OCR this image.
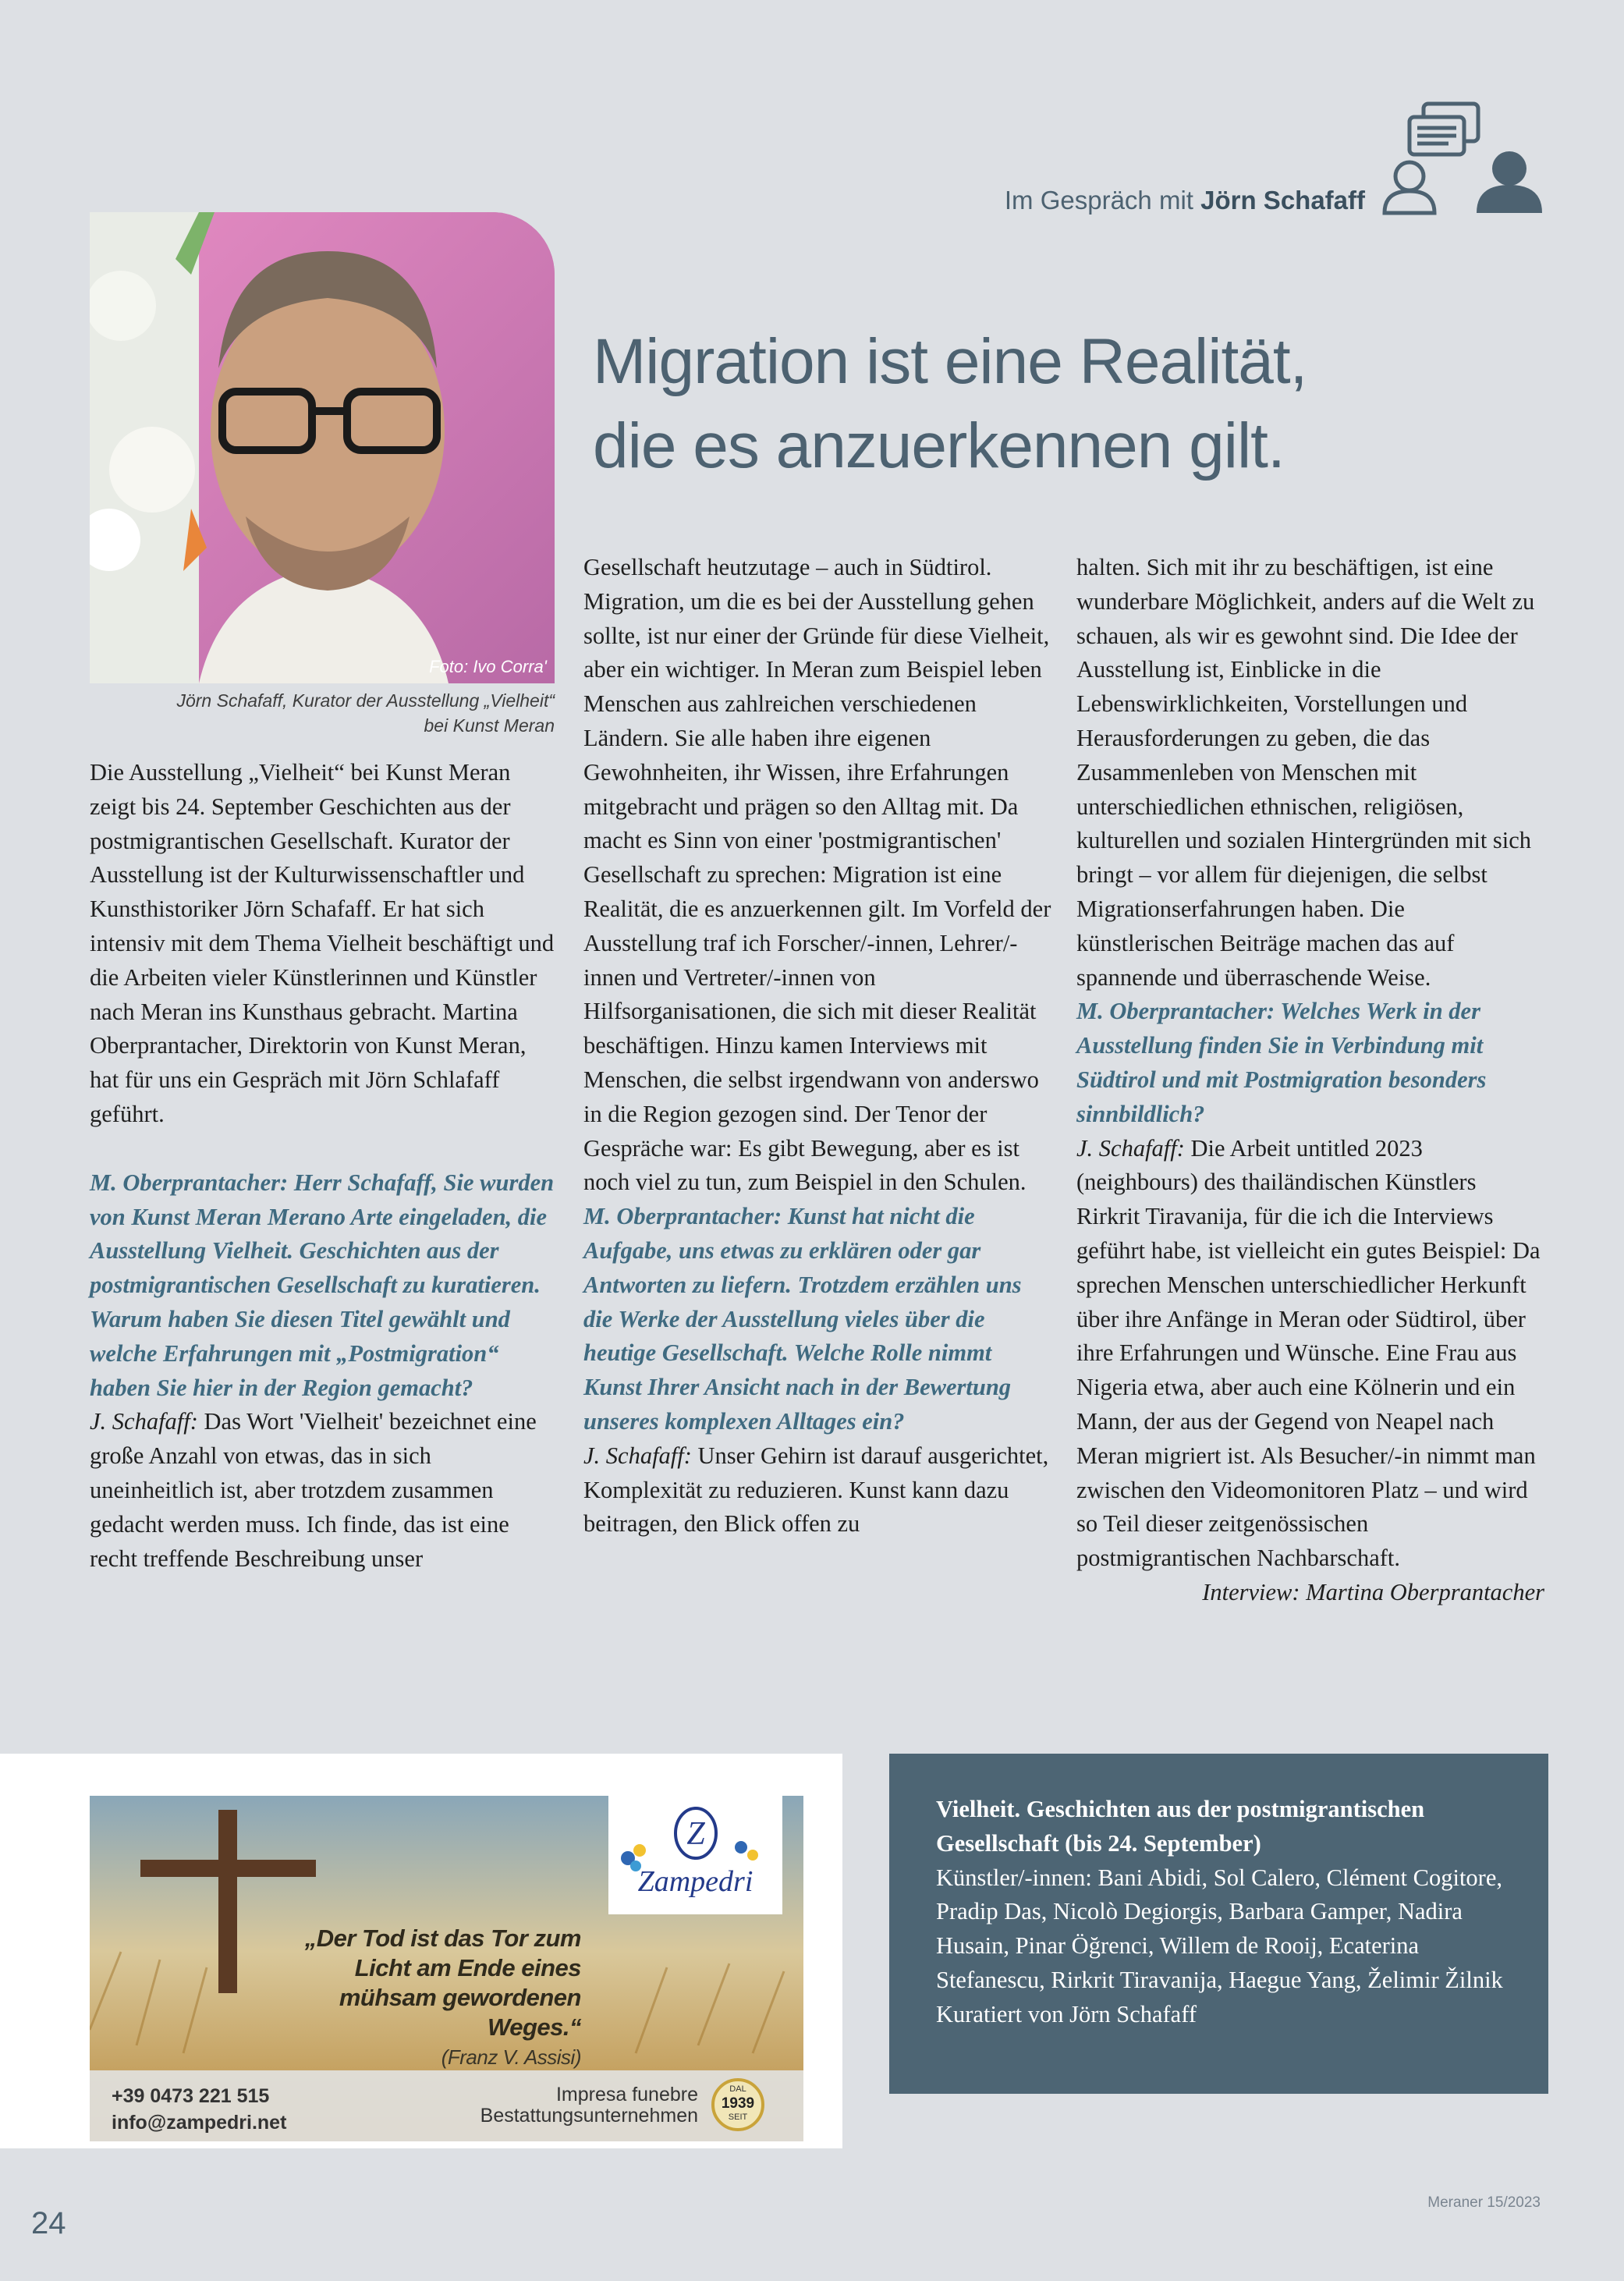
Im Gespräch mit Jörn Schafaff
Foto: Ivo Corra'
Jörn Schafaff, Kurator der Ausstellung „Vielheit“
bei Kunst Meran
Migration ist eine Realität,
die es anzuerkennen gilt.

Die Ausstellung „Vielheit“ bei Kunst Meran zeigt bis 24. September Geschichten aus der postmigrantischen Gesellschaft. Kurator der Ausstellung ist der Kulturwissenschaftler und Kunsthistoriker Jörn Schafaff. Er hat sich intensiv mit dem Thema Vielheit beschäftigt und die Arbeiten vieler Künstlerinnen und Künstler nach Meran ins Kunsthaus gebracht. Martina Oberprantacher, Direktorin von Kunst Meran, hat für uns ein Gespräch mit Jörn Schlafaff geführt.

M. Oberprantacher: Herr Schafaff, Sie wurden von Kunst Meran Merano Arte eingeladen, die Ausstellung Vielheit. Geschichten aus der postmigrantischen Gesellschaft zu kuratieren. Warum haben Sie diesen Titel gewählt und welche Erfahrungen mit „Postmigration“ haben Sie hier in der Region gemacht?

J. Schafaff: Das Wort 'Vielheit' bezeichnet eine große Anzahl von etwas, das in sich uneinheitlich ist, aber trotzdem zusammen gedacht werden muss. Ich finde, das ist eine recht treffende Beschreibung unser

Gesellschaft heutzutage – auch in Südtirol. Migration, um die es bei der Ausstellung gehen sollte, ist nur einer der Gründe für diese Vielheit, aber ein wichtiger. In Meran zum Beispiel leben Menschen aus zahlreichen verschiedenen Ländern. Sie alle haben ihre eigenen Gewohnheiten, ihr Wissen, ihre Erfahrungen mitgebracht und prägen so den Alltag mit. Da macht es Sinn von einer 'postmigrantischen' Gesellschaft zu sprechen: Migration ist eine Realität, die es anzuerkennen gilt. Im Vorfeld der Ausstellung traf ich Forscher/-innen, Lehrer/-innen und Vertreter/-innen von Hilfsorganisationen, die sich mit dieser Realität beschäftigen. Hinzu kamen Interviews mit Menschen, die selbst irgendwann von anderswo in die Region gezogen sind. Der Tenor der Gespräche war: Es gibt Bewegung, aber es ist noch viel zu tun, zum Beispiel in den Schulen.

M. Oberprantacher: Kunst hat nicht die Aufgabe, uns etwas zu erklären oder gar Antworten zu liefern. Trotzdem erzählen uns die Werke der Ausstellung vieles über die heutige Gesellschaft. Welche Rolle nimmt Kunst Ihrer Ansicht nach in der Bewertung unseres komplexen Alltages ein?

J. Schafaff: Unser Gehirn ist darauf ausgerichtet, Komplexität zu reduzieren. Kunst kann dazu beitragen, den Blick offen zu

halten. Sich mit ihr zu beschäftigen, ist eine wunderbare Möglichkeit, anders auf die Welt zu schauen, als wir es gewohnt sind. Die Idee der Ausstellung ist, Einblicke in die Lebenswirklichkeiten, Vorstellungen und Herausforderungen zu geben, die das Zusammenleben von Menschen mit unterschiedlichen ethnischen, religiösen, kulturellen und sozialen Hintergründen mit sich bringt – vor allem für diejenigen, die selbst Migrationserfahrungen haben. Die künstlerischen Beiträge machen das auf spannende und überraschende Weise.

M. Oberprantacher: Welches Werk in der Ausstellung finden Sie in Verbindung mit Südtirol und mit Postmigration besonders sinnbildlich?

J. Schafaff: Die Arbeit untitled 2023 (neighbours) des thailändischen Künstlers Rirkrit Tiravanija, für die ich die Interviews geführt habe, ist vielleicht ein gutes Beispiel: Da sprechen Menschen unterschiedlicher Herkunft über ihre Anfänge in Meran oder Südtirol, über ihre Erfahrungen und Wünsche. Eine Frau aus Nigeria etwa, aber auch eine Kölnerin und ein Mann, der aus der Gegend von Neapel nach Meran migriert ist. Als Besucher/-in nimmt man zwischen den Videomonitoren Platz – und wird so Teil dieser zeitgenössischen postmigrantischen Nachbarschaft.

Interview: Martina Oberprantacher

Z
Zampedri
„Der Tod ist das Tor zum Licht am Ende eines mühsam gewordenen Weges.“
(Franz V. Assisi)
+39 0473 221 515
info@zampedri.net
Impresa funebre
Bestattungsunternehmen
DAL
1939
SEIT
Vielheit. Geschichten aus der postmigrantischen Gesellschaft (bis 24. September)
Künstler/-innen: Bani Abidi, Sol Calero, Clément Cogitore, Pradip Das, Nicolò Degiorgis, Barbara Gamper, Nadira Husain, Pinar Öğrenci, Willem de Rooij, Ecaterina Stefanescu, Rirkrit Tiravanija, Haegue Yang, Želimir Žilnik
Kuratiert von Jörn Schafaff
24
Meraner 15/2023
